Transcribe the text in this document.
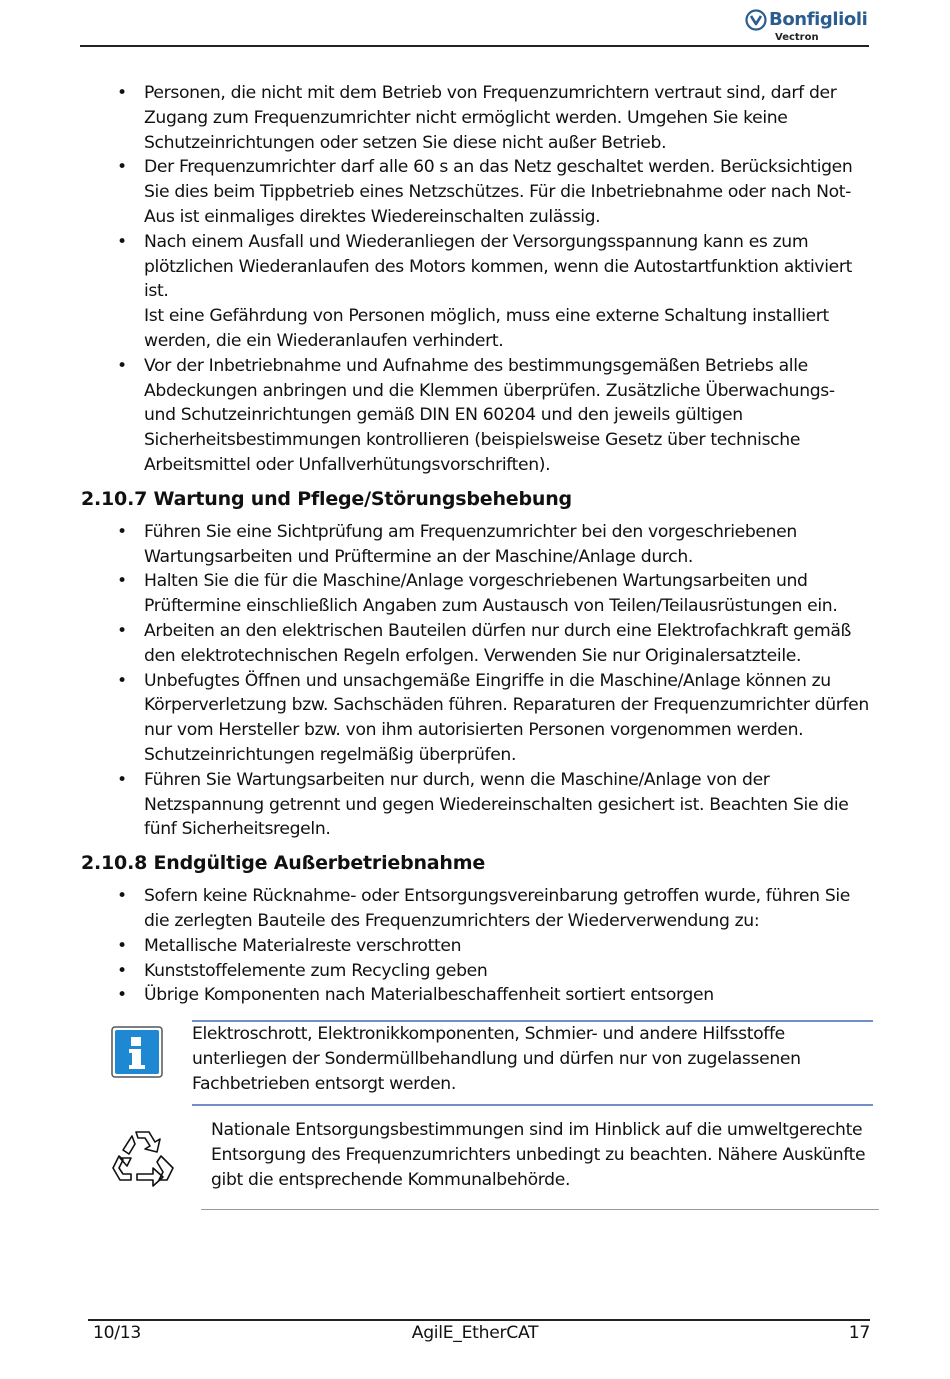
Bonfiglioli
Vectron
• Personen, die nicht mit dem Betrieb von Frequenzumrichtern vertraut sind, darf der Zugang zum Frequenzumrichter nicht ermöglicht werden. Umgehen Sie keine Schutzeinrichtungen oder setzen Sie diese nicht außer Betrieb.
• Der Frequenzumrichter darf alle 60 s an das Netz geschaltet werden. Berücksichtigen Sie dies beim Tippbetrieb eines Netzschützes. Für die Inbetriebnahme oder nach Not-Aus ist einmaliges direktes Wiedereinschalten zulässig.
• Nach einem Ausfall und Wiederanliegen der Versorgungsspannung kann es zum plötzlichen Wiederanlaufen des Motors kommen, wenn die Autostartfunktion aktiviert ist.
Ist eine Gefährdung von Personen möglich, muss eine externe Schaltung installiert werden, die ein Wiederanlaufen verhindert.
• Vor der Inbetriebnahme und Aufnahme des bestimmungsgemäßen Betriebs alle Abdeckungen anbringen und die Klemmen überprüfen. Zusätzliche Überwachungs- und Schutzeinrichtungen gemäß DIN EN 60204 und den jeweils gültigen Sicherheitsbestimmungen kontrollieren (beispielsweise Gesetz über technische Arbeitsmittel oder Unfallverhütungsvorschriften).
2.10.7 Wartung und Pflege/Störungsbehebung
• Führen Sie eine Sichtprüfung am Frequenzumrichter bei den vorgeschriebenen Wartungsarbeiten und Prüftermine an der Maschine/Anlage durch.
• Halten Sie die für die Maschine/Anlage vorgeschriebenen Wartungsarbeiten und Prüftermine einschließlich Angaben zum Austausch von Teilen/Teilausrüstungen ein.
• Arbeiten an den elektrischen Bauteilen dürfen nur durch eine Elektrofachkraft gemäß den elektrotechnischen Regeln erfolgen. Verwenden Sie nur Originalersatzteile.
• Unbefugtes Öffnen und unsachgemäße Eingriffe in die Maschine/Anlage können zu Körperverletzung bzw. Sachschäden führen. Reparaturen der Frequenzumrichter dürfen nur vom Hersteller bzw. von ihm autorisierten Personen vorgenommen werden. Schutzeinrichtungen regelmäßig überprüfen.
• Führen Sie Wartungsarbeiten nur durch, wenn die Maschine/Anlage von der Netzspannung getrennt und gegen Wiedereinschalten gesichert ist. Beachten Sie die fünf Sicherheitsregeln.
2.10.8 Endgültige Außerbetriebnahme
• Sofern keine Rücknahme- oder Entsorgungsvereinbarung getroffen wurde, führen Sie die zerlegten Bauteile des Frequenzumrichters der Wiederverwendung zu:
• Metallische Materialreste verschrotten
• Kunststoffelemente zum Recycling geben
• Übrige Komponenten nach Materialbeschaffenheit sortiert entsorgen
Elektroschrott, Elektronikkomponenten, Schmier- und andere Hilfsstoffe unterliegen der Sondermüllbehandlung und dürfen nur von zugelassenen Fachbetrieben entsorgt werden.
Nationale Entsorgungsbestimmungen sind im Hinblick auf die umweltgerechte Entsorgung des Frequenzumrichters unbedingt zu beachten. Nähere Auskünfte gibt die entsprechende Kommunalbehörde.
10/13	AgilE_EtherCAT	17
